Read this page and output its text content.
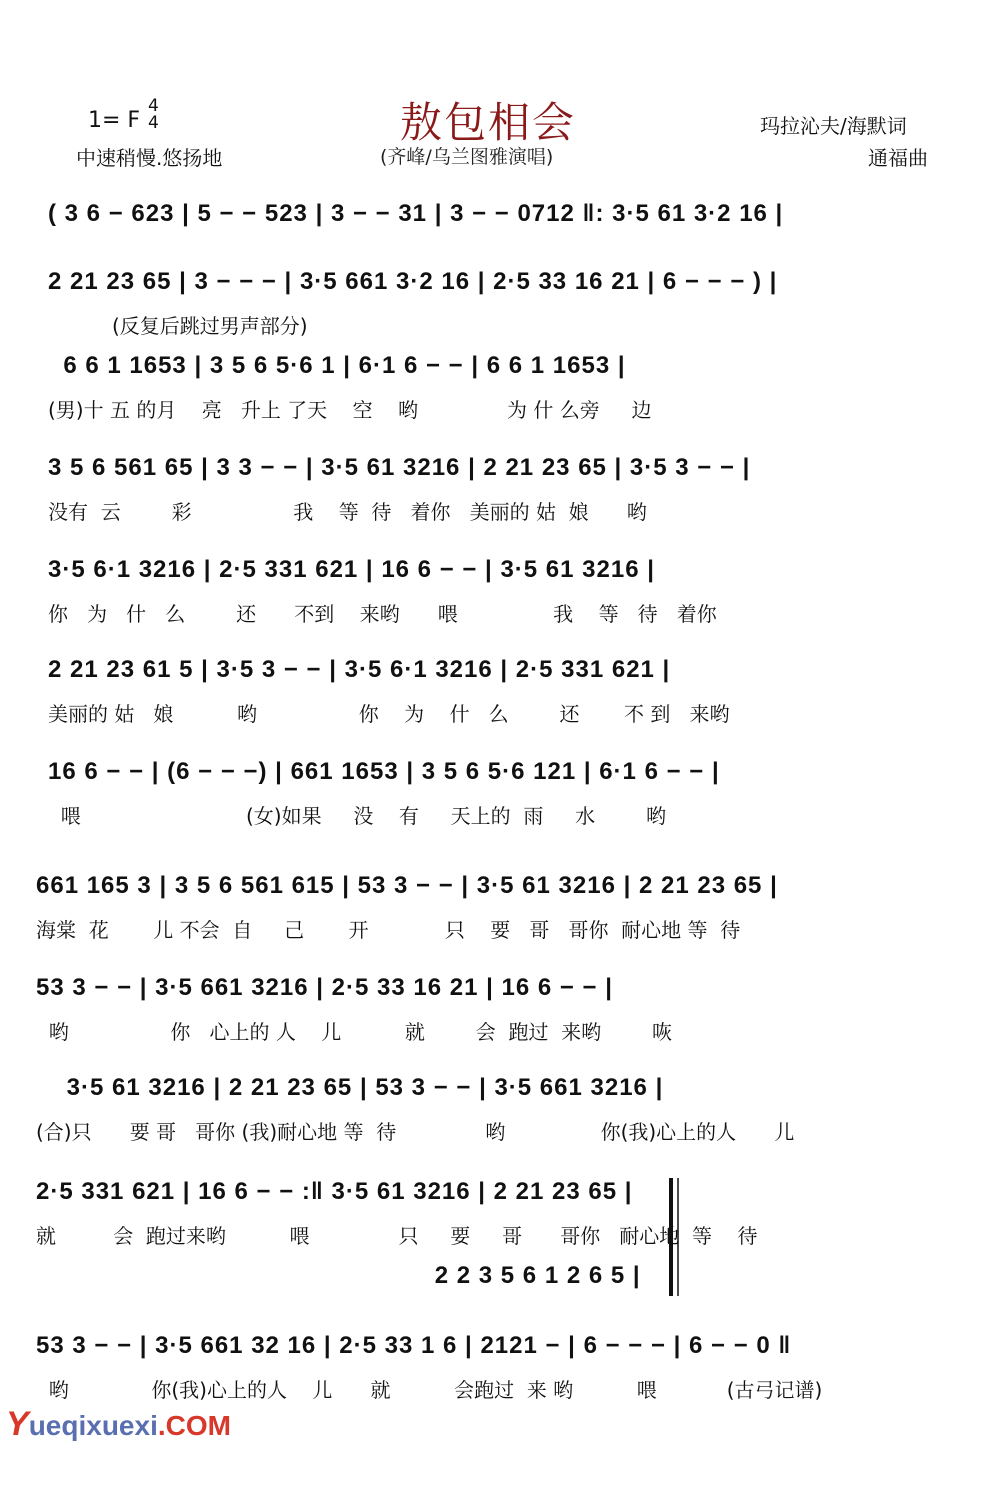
敖包相会
(齐峰/乌兰图雅演唱)
1= F
4
4
中速稍慢.悠扬地
玛拉沁夫/海默词
通福曲
( 3 6 − 623 | 5 − − 523 | 3 − − 31 | 3 − − 0712 ‖: 3·5 61 3·2 16 |
2 21 23 65 | 3 − − − | 3·5 661 3·2 16 | 2·5 33 16 21 | 6 − − − ) |
(反复后跳过男声部分)
6 6 1 1653 | 3 5 6 5·6 1 | 6·1 6 − − | 6 6 1 1653 |
(男)十 五 的月    亮   升上 了天    空    哟              为 什 么旁     边
3 5 6 561 65 | 3 3 − − | 3·5 61 3216 | 2 21 23 65 | 3·5 3 − − |
没有  云        彩                我    等  待   着你   美丽的 姑  娘      哟
3·5 6·1 3216 | 2·5 331 621 | 16 6 − − | 3·5 61 3216 |
你   为   什   么        还      不到    来哟      喂               我    等   待   着你
2 21 23 61 5 | 3·5 3 − − | 3·5 6·1 3216 | 2·5 331 621 |
美丽的 姑   娘          哟                你    为    什   么        还       不 到   来哟
16 6 − − | (6 − − −) | 661 1653 | 3 5 6 5·6 121 | 6·1 6 − − |
喂                          (女)如果     没    有     天上的  雨     水        哟
661 165 3 | 3 5 6 561 615 | 53 3 − − | 3·5 61 3216 | 2 21 23 65 |
海棠  花       儿 不会  自     己       开            只    要   哥   哥你  耐心地 等  待
53 3 − − | 3·5 661 3216 | 2·5 33 16 21 | 16 6 − − |
哟                你   心上的 人    儿          就        会  跑过  来哟        咴
3·5 61 3216 | 2 21 23 65 | 53 3 − − | 3·5 661 3216 |
(合)只      要 哥   哥你 (我)耐心地 等  待              哟               你(我)心上的人      儿
2·5 331 621 | 16 6 − − :‖ 3·5 61 3216 | 2 21 23 65 |
就         会  跑过来哟          喂              只     要     哥      哥你   耐心地  等    待
2 2 3 5 6 1 2 6 5 |
53 3 − − | 3·5 661 32 16 | 2·5 33 1 6 | 2121 − | 6 − − − | 6 − − 0 ‖
哟             你(我)心上的人    儿      就          会跑过  来 哟          喂           (古弓记谱)
Yueqixuexi.COM
